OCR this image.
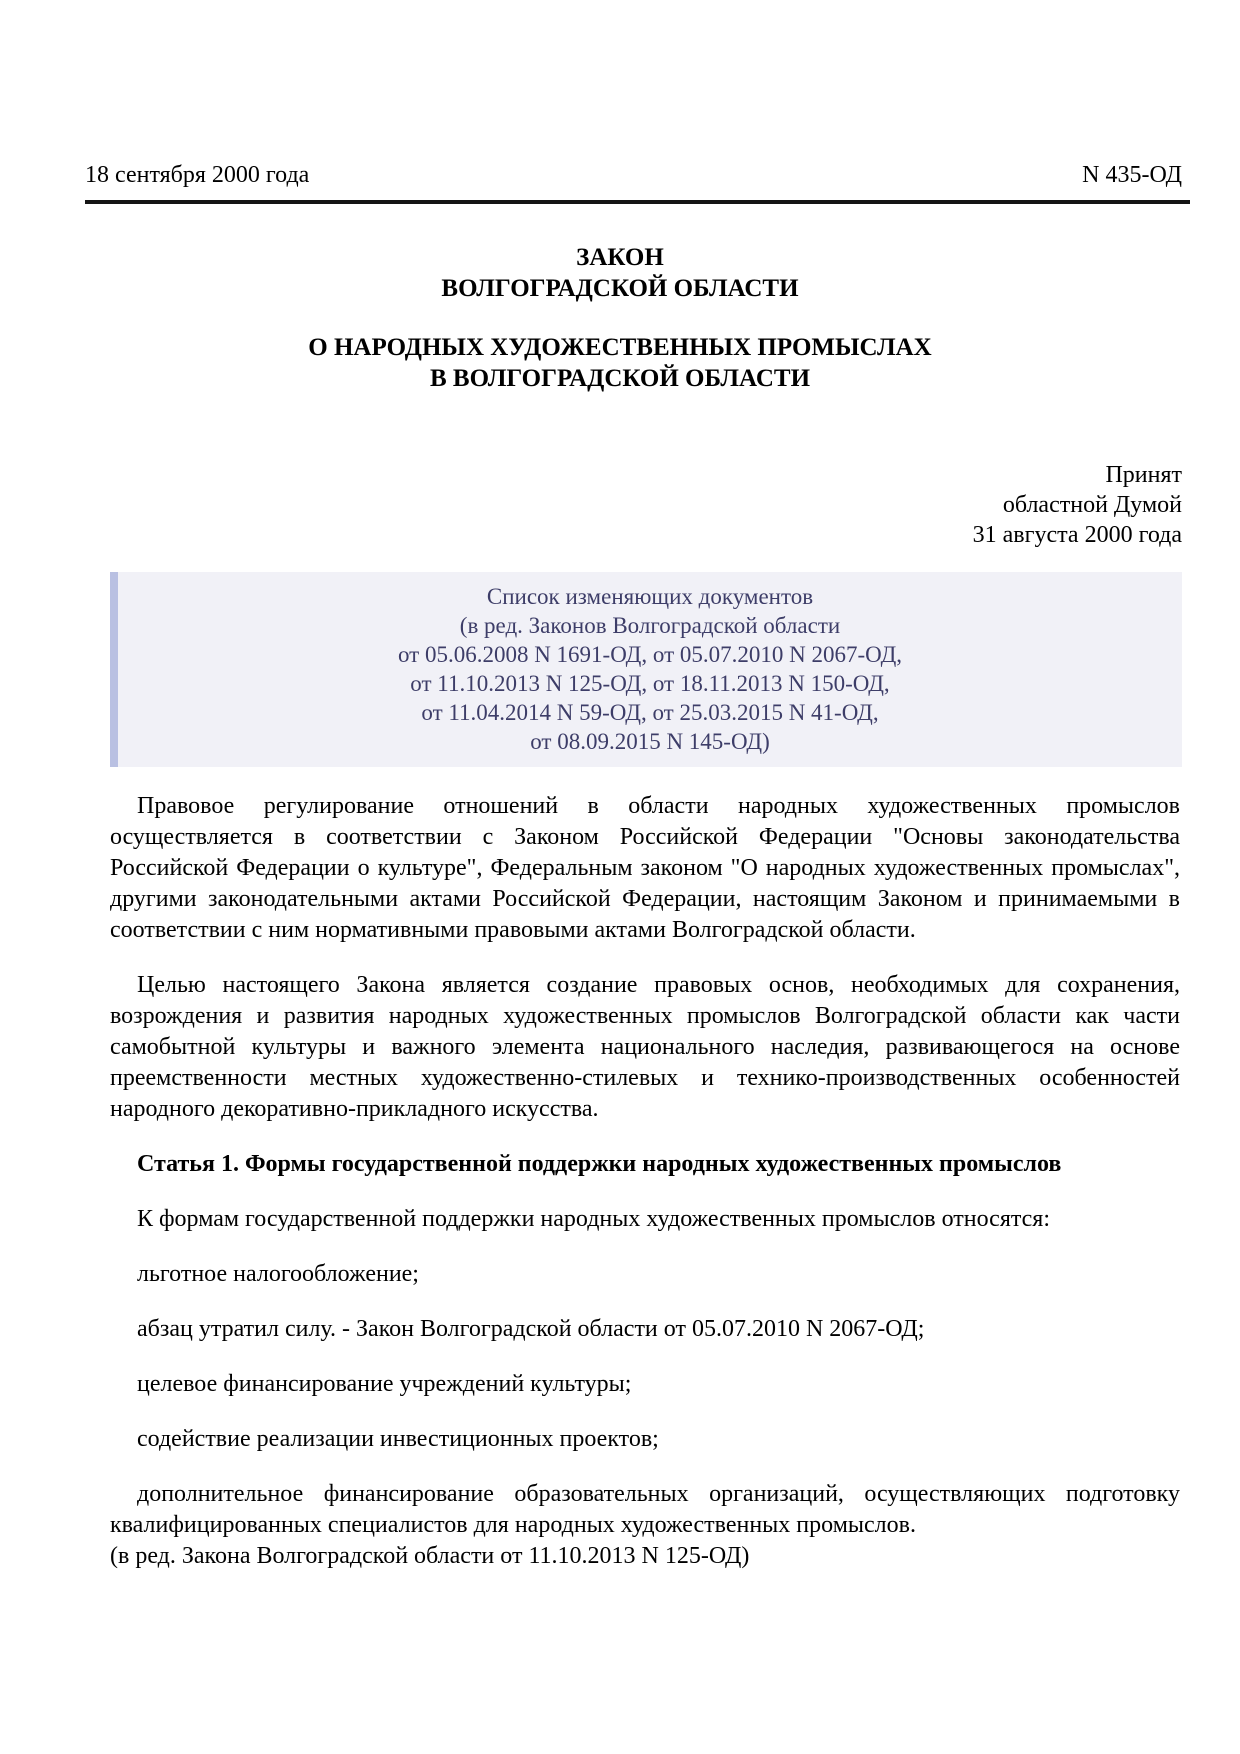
18 сентября 2000 года	N 435-ОД
ЗАКОН
ВОЛГОГРАДСКОЙ ОБЛАСТИ
О НАРОДНЫХ ХУДОЖЕСТВЕННЫХ ПРОМЫСЛАХ
В ВОЛГОГРАДСКОЙ ОБЛАСТИ
Принят
областной Думой
31 августа 2000 года
Список изменяющих документов
(в ред. Законов Волгоградской области
от 05.06.2008 N 1691-ОД, от 05.07.2010 N 2067-ОД,
от 11.10.2013 N 125-ОД, от 18.11.2013 N 150-ОД,
от 11.04.2014 N 59-ОД, от 25.03.2015 N 41-ОД,
от 08.09.2015 N 145-ОД)

Правовое регулирование отношений в области народных художественных промыслов осуществляется в соответствии с Законом Российской Федерации "Основы законодательства Российской Федерации о культуре", Федеральным законом "О народных художественных промыслах", другими законодательными актами Российской Федерации, настоящим Законом и принимаемыми в соответствии с ним нормативными правовыми актами Волгоградской области.

Целью настоящего Закона является создание правовых основ, необходимых для сохранения, возрождения и развития народных художественных промыслов Волгоградской области как части самобытной культуры и важного элемента национального наследия, развивающегося на основе преемственности местных художественно-стилевых и технико-производственных особенностей народного декоративно-прикладного искусства.

Статья 1. Формы государственной поддержки народных художественных промыслов

К формам государственной поддержки народных художественных промыслов относятся:

льготное налогообложение;

абзац утратил силу. - Закон Волгоградской области от 05.07.2010 N 2067-ОД;

целевое финансирование учреждений культуры;

содействие реализации инвестиционных проектов;

дополнительное финансирование образовательных организаций, осуществляющих подготовку квалифицированных специалистов для народных художественных промыслов.

(в ред. Закона Волгоградской области от 11.10.2013 N 125-ОД)
